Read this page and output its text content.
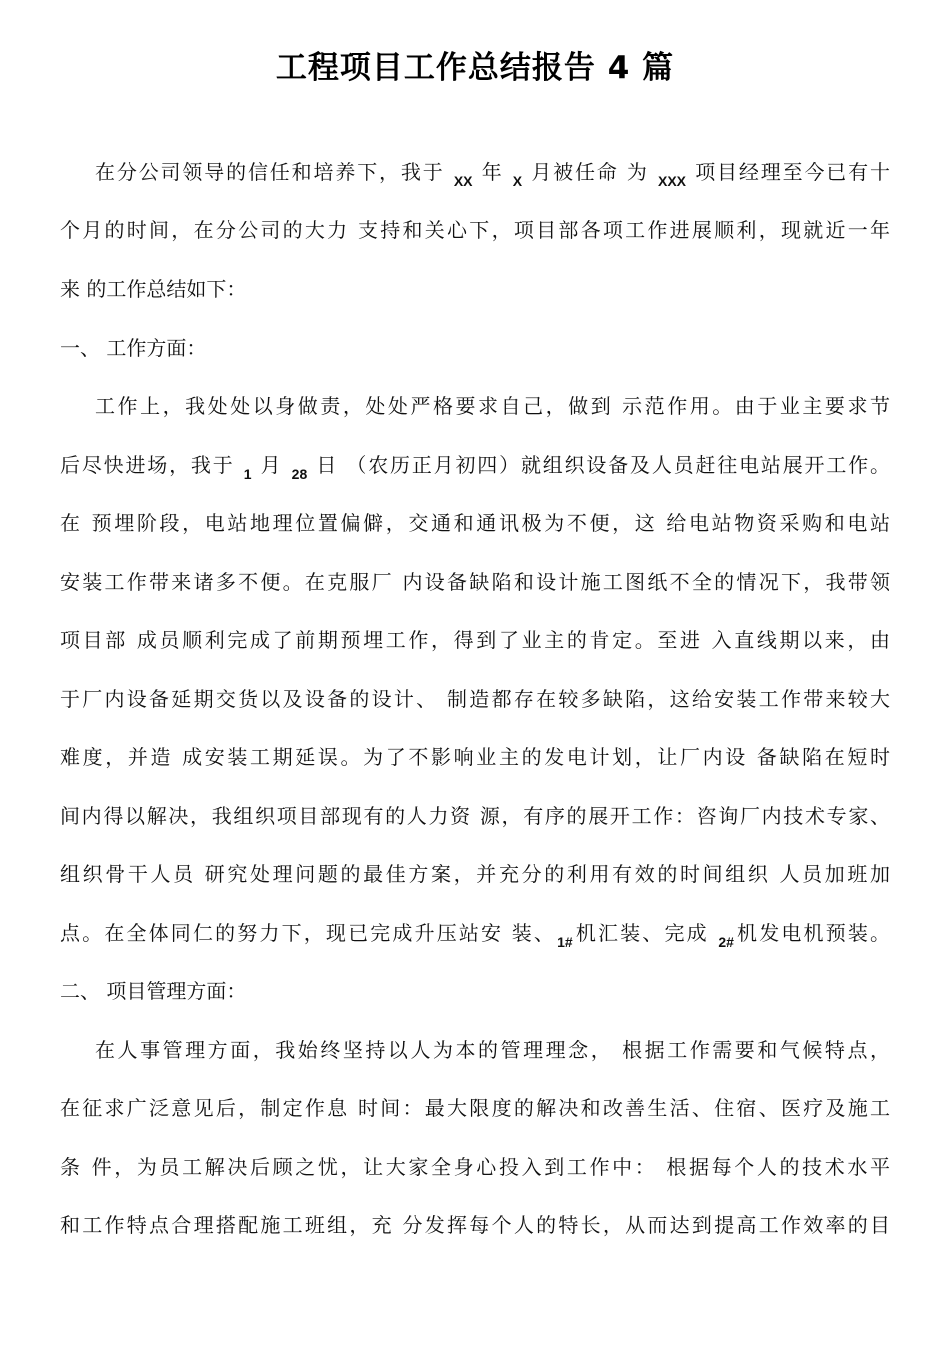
工程项目工作总结报告 4 篇
在分公司领导的信任和培养下，我于 $_{XX}$ 年 $_X$ 月被任命 为 $_{XXX}$ 项目经理至今已有十
个月的时间，在分公司的大力 支持和关心下，项目部各项工作进展顺利，现就近一年
来 的工作总结如下：
一、 工作方面：
工作上，我处处以身做责，处处严格要求自己，做到 示范作用。由于业主要求节
后尽快进场，我于 $_1$ 月 $_{28}$ 日 （农历正月初四）就组织设备及人员赶往电站展开工作。
在 预埋阶段，电站地理位置偏僻，交通和通讯极为不便，这 给电站物资采购和电站
安装工作带来诸多不便。在克服厂 内设备缺陷和设计施工图纸不全的情况下，我带领
项目部 成员顺利完成了前期预埋工作，得到了业主的肯定。至进 入直线期以来，由
于厂内设备延期交货以及设备的设计、 制造都存在较多缺陷，这给安装工作带来较大
难度，并造 成安装工期延误。为了不影响业主的发电计划，让厂内设 备缺陷在短时
间内得以解决，我组织项目部现有的人力资 源，有序的展开工作：咨询厂内技术专家、
组织骨干人员 研究处理问题的最佳方案，并充分的利用有效的时间组织 人员加班加
点。在全体同仁的努力下，现已完成升压站安 装、$_{1\#}$机汇装、完成 $_{2\#}$机发电机预装。
二、 项目管理方面：
在人事管理方面，我始终坚持以人为本的管理理念， 根据工作需要和气候特点，
在征求广泛意见后，制定作息 时间：最大限度的解决和改善生活、住宿、医疗及施工
条 件，为员工解决后顾之忧，让大家全身心投入到工作中： 根据每个人的技术水平
和工作特点合理搭配施工班组，充 分发挥每个人的特长，从而达到提高工作效率的目
